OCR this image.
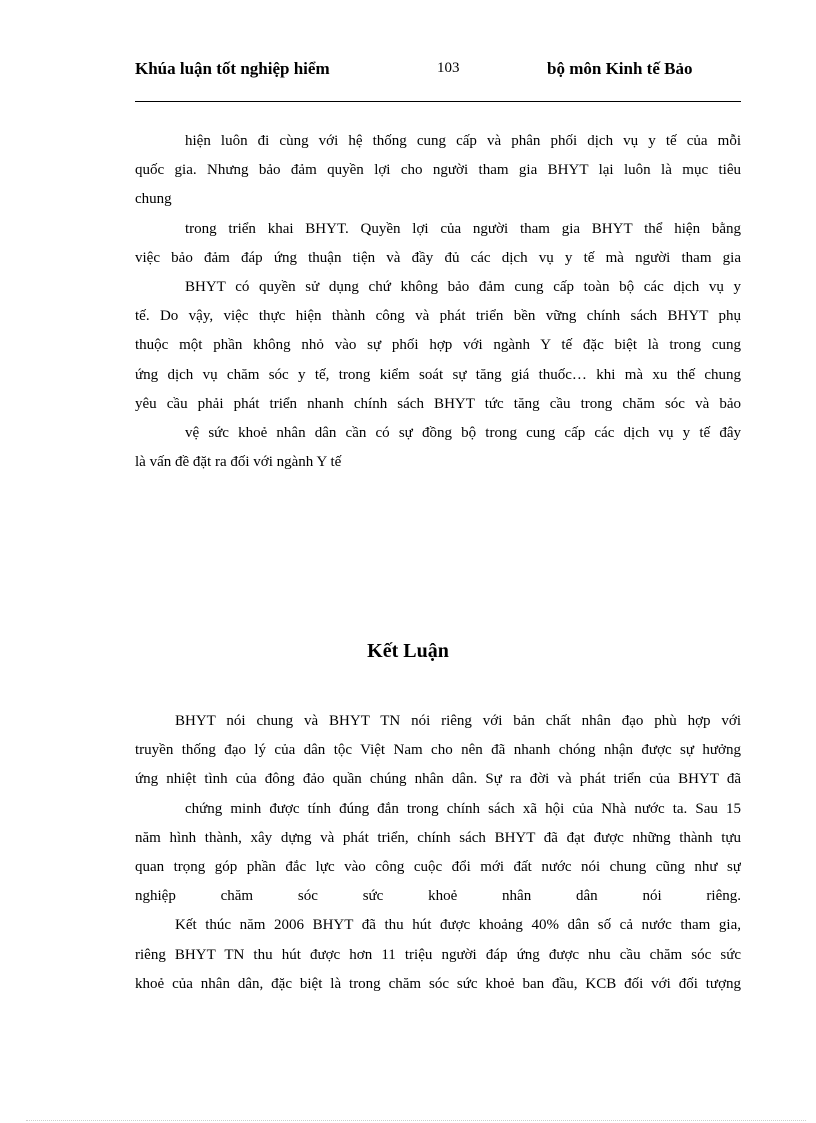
Khúa luận tốt nghiệp hiểm	103	bộ môn Kinh tế Bảo
hiện luôn đi cùng với hệ thống cung cấp và phân phối dịch vụ y tế của mỗi
quốc gia. Nhưng bảo đảm quyền lợi cho người tham gia BHYT lại luôn là mục tiêu
chung
trong triển khai BHYT. Quyền lợi của người tham gia BHYT thể hiện bằng
việc bảo đảm đáp ứng thuận tiện và đầy đủ các dịch vụ y tế mà người tham gia
BHYT có quyền sử dụng chứ không bảo đảm cung cấp toàn bộ các dịch vụ y
tế. Do vậy, việc thực hiện thành công và phát triển bền vững chính sách BHYT phụ
thuộc một phần không nhỏ vào sự phối hợp với ngành Y tế đặc biệt là trong cung
ứng dịch vụ chăm sóc y tế, trong kiểm soát sự tăng giá thuốc… khi mà xu thế chung
yêu cầu phải phát triển nhanh chính sách BHYT tức tăng cầu trong chăm sóc và bảo
vệ sức khoẻ nhân dân cần có sự đồng bộ trong cung cấp các dịch vụ y tế đây
là vấn đề đặt ra đối với ngành Y tế
Kết Luận
BHYT nói chung và BHYT TN nói riêng với bản chất nhân đạo phù hợp với
truyền thống đạo lý của dân tộc Việt Nam cho nên đã nhanh chóng nhận được sự hưởng
ứng nhiệt tình của đông đảo quần chúng nhân dân. Sự ra đời và phát triển của BHYT đã
chứng minh được tính đúng đắn trong chính sách xã hội của Nhà nước ta. Sau 15
năm hình thành, xây dựng và phát triển, chính sách BHYT đã đạt được những thành tựu
quan trọng góp phần đắc lực vào công cuộc đổi mới đất nước nói chung cũng như sự
nghiệp chăm sóc sức khoẻ nhân dân nói riêng.
Kết thúc năm 2006 BHYT đã thu hút được khoảng 40% dân số cả nước tham gia,
riêng BHYT TN thu hút được hơn 11 triệu người đáp ứng được nhu cầu chăm sóc sức
khoẻ của nhân dân, đặc biệt là trong chăm sóc sức khoẻ ban đầu, KCB đối với đối tượng
